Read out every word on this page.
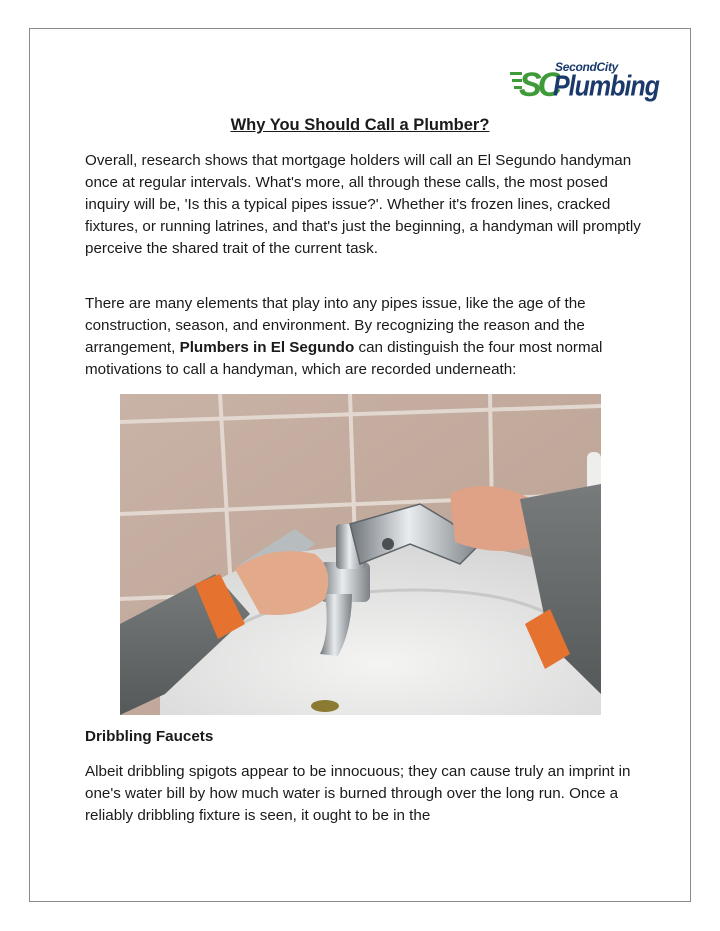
SC
SecondCity
Plumbing
Why You Should Call a Plumber?

Overall, research shows that mortgage holders will call an El Segundo handyman once at regular intervals. What's more, all through these calls, the most posed inquiry will be, 'Is this a typical pipes issue?'. Whether it's frozen lines, cracked fixtures, or running latrines, and that's just the beginning, a handyman will promptly perceive the shared trait of the current task.

There are many elements that play into any pipes issue, like the age of the construction, season, and environment. By recognizing the reason and the arrangement, Plumbers in El Segundo can distinguish the four most normal motivations to call a handyman, which are recorded underneath:

Dribbling Faucets

Albeit dribbling spigots appear to be innocuous; they can cause truly an imprint in one's water bill by how much water is burned through over the long run. Once a reliably dribbling fixture is seen, it ought to be in the
